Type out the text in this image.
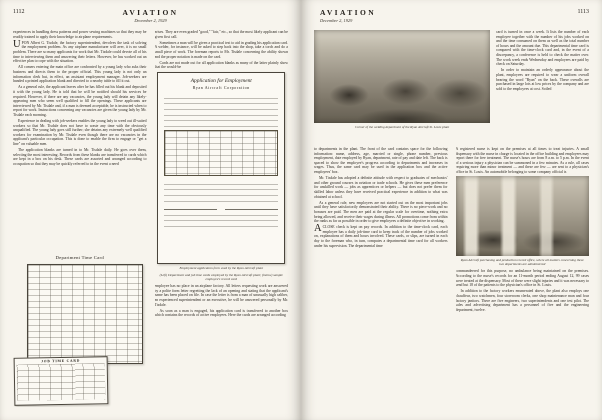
1112	AVIATION
December 2, 1929

experiences in handling dress patterns and power sewing machines so that they may be readily trained to apply their knowledge to airplane requirements.

UPON Albert G. Tisdale, the factory superintendent, devolves the task of solving the employment problem. As any airplane manufacturer will aver, it is no small problem. There are so many applicants for work that Mr. Tisdale could devote all of his time to interviewing them and answering their letters. However, he has worked out an effective plan to cope with the situation.

All comers entering the main office are confronted by a young lady who asks their business and directs them to the proper official. This young lady is not only an information clerk but, in effect, an assistant employment manager. Job-seekers are handed a printed application blank and directed to a nearby table to fill it out.

As a general rule, the applicant leaves after he has filled out his blank and deposited it with the young lady. He is told that he will be notified should his services be required. However, if there are any vacancies, the young lady will detain any likely-appearing men who seem well qualified to fill the openings. These applicants are interviewed by Mr. Tisdale and, if a man is deemed acceptable, he is instructed when to report for work. Instructions concerning any vacancies are given the young lady by Mr. Tisdale each morning.

Experience in dealing with job-seekers enables the young lady to weed out ill-suited workers so that Mr. Tisdale does not have to waste any time with the obviously unqualified. The young lady goes still further; she detains any extremely well qualified workers for examination by Mr. Tisdale even though there are no vacancies in the applicant's particular occupation. This is done to enable the firm to engage or "get a line" on valuable men.

The application blanks are turned in to Mr. Tisdale daily. He goes over them, selecting the most interesting. Records from these blanks are transferred to cards which are kept in a box on his desk. These cards are assorted and arranged according to occupation so that they may be quickly referred to in the event a need

Department Time Card
JOB TIME CARD

arises. They are even graded "good," "fair," etc., so that the most likely applicant can be given first call.

Sometimes a man will be given a practical test to aid in grading his application card. A welder, for instance, will be asked to step back into the shop, take a torch and do a small piece of work. The foreman reports to Mr. Tisdale concerning the ability shown and the proper notation is made on the card.

Cards are not made out for all application blanks as many of the latter plainly show that the would-be

Application for Employment
Ryan Aircraft Corporation
Employment application form used by the Ryan Aircraft plant
(Left) Department and job time cards employed by the Ryan Aircraft plant; (below) sample employee's record card

employee has no place in an airplane factory. All letters requesting work are answered by a polite form letter regretting the lack of an opening and stating that the applicant's name has been placed on file. In case the letter is from a man of unusually high caliber, an experienced superintendent or an executive, he will be answered personally by Mr. Tisdale.

As soon as a man is engaged, his application card is transferred to another box which contains the records of active employees. Here the cards are arranged according

AVIATION
December 2, 1929
1113
Corner of the welding department of the Ryan Aircraft St. Louis plant

card is turned in once a week. It lists the number of each employee together with the number of his jobs worked on and the time consumed on them as well as the total number of hours and the amount due. This departmental time card is compared with the time-clock card and, in the event of a discrepancy, a conference is held to check the matter over. The work week ends Wednesday and employees are paid by check on Saturday.

In order to maintain an orderly appearance about the plant, employees are required to wear a uniform overall bearing the word "Ryan" on the back. These overalls are purchased in large lots at low prices by the company and are sold to the employees at cost. Soiled

to departments in the plant. The front of the card contains space for the following information: name, address, age, married or single, phone number, previous employment, date employed by Ryan, department, rate of pay and date left. The back is spaced to show the employee's progress according to departments and increases in wages. Thus, the same card may be used in the application box and the active employees' box.

Mr. Tisdale has adopted a definite attitude with respect to graduates of mechanics' and other ground courses in aviation or trade schools. He gives these men preference for unskilled work — jobs as apprentices or helpers — but does not prefer them for skilled labor unless they have received practical experience in addition to what was obtained at school.

As a general rule, new employees are not started out on the most important jobs until they have satisfactorily demonstrated their ability. There is no piece-work and no bonuses are paid. The men are paid at the regular scale for overtime, nothing extra being allowed, and receive their wages during illness. All promotions come from within the ranks as far as possible in order to give employees a definite objective in working.

ACLOSE check is kept on pay records. In addition to the time-clock card, each employee has a daily job-time card to keep track of the number of jobs worked on, explanations of them and hours involved. These cards, or slips, are turned in each day to the foreman who, in turn, computes a departmental time card for all workers under his supervision. The departmental time

A registered nurse is kept on the premises at all times to treat injuries. A small dispensary with the nurse in charge is located in the office building and employees may report there for free treatment. The nurse's hours are from 8 a.m. to 5 p.m. In the event of a serious injury a physician can be summoned in a few minutes. As a rule, all cases requiring more than minor treatment — and these are few — are sent to a physician's office in St. Louis. An automobile belonging to some company official is

Ryan Aircraft purchasing and production record office, where all matters concerning these two departments are administered

commandeered for this purpose, no ambulance being maintained on the premises. According to the nurse's records for an 11-month period ending August 12, 99 cases were treated at the dispensary. Most of these were slight injuries and it was necessary to send but 18 of the patients to the physician's office in St. Louis.

In addition to the factory workers enumerated above, the plant also employs one chauffeur, two watchmen, four storeroom clerks, one shop maintenance man and four factory janitors. There are five engineers, two superintendents and one test pilot. The sales and advertising department has a personnel of five and the engineering department, twelve.
